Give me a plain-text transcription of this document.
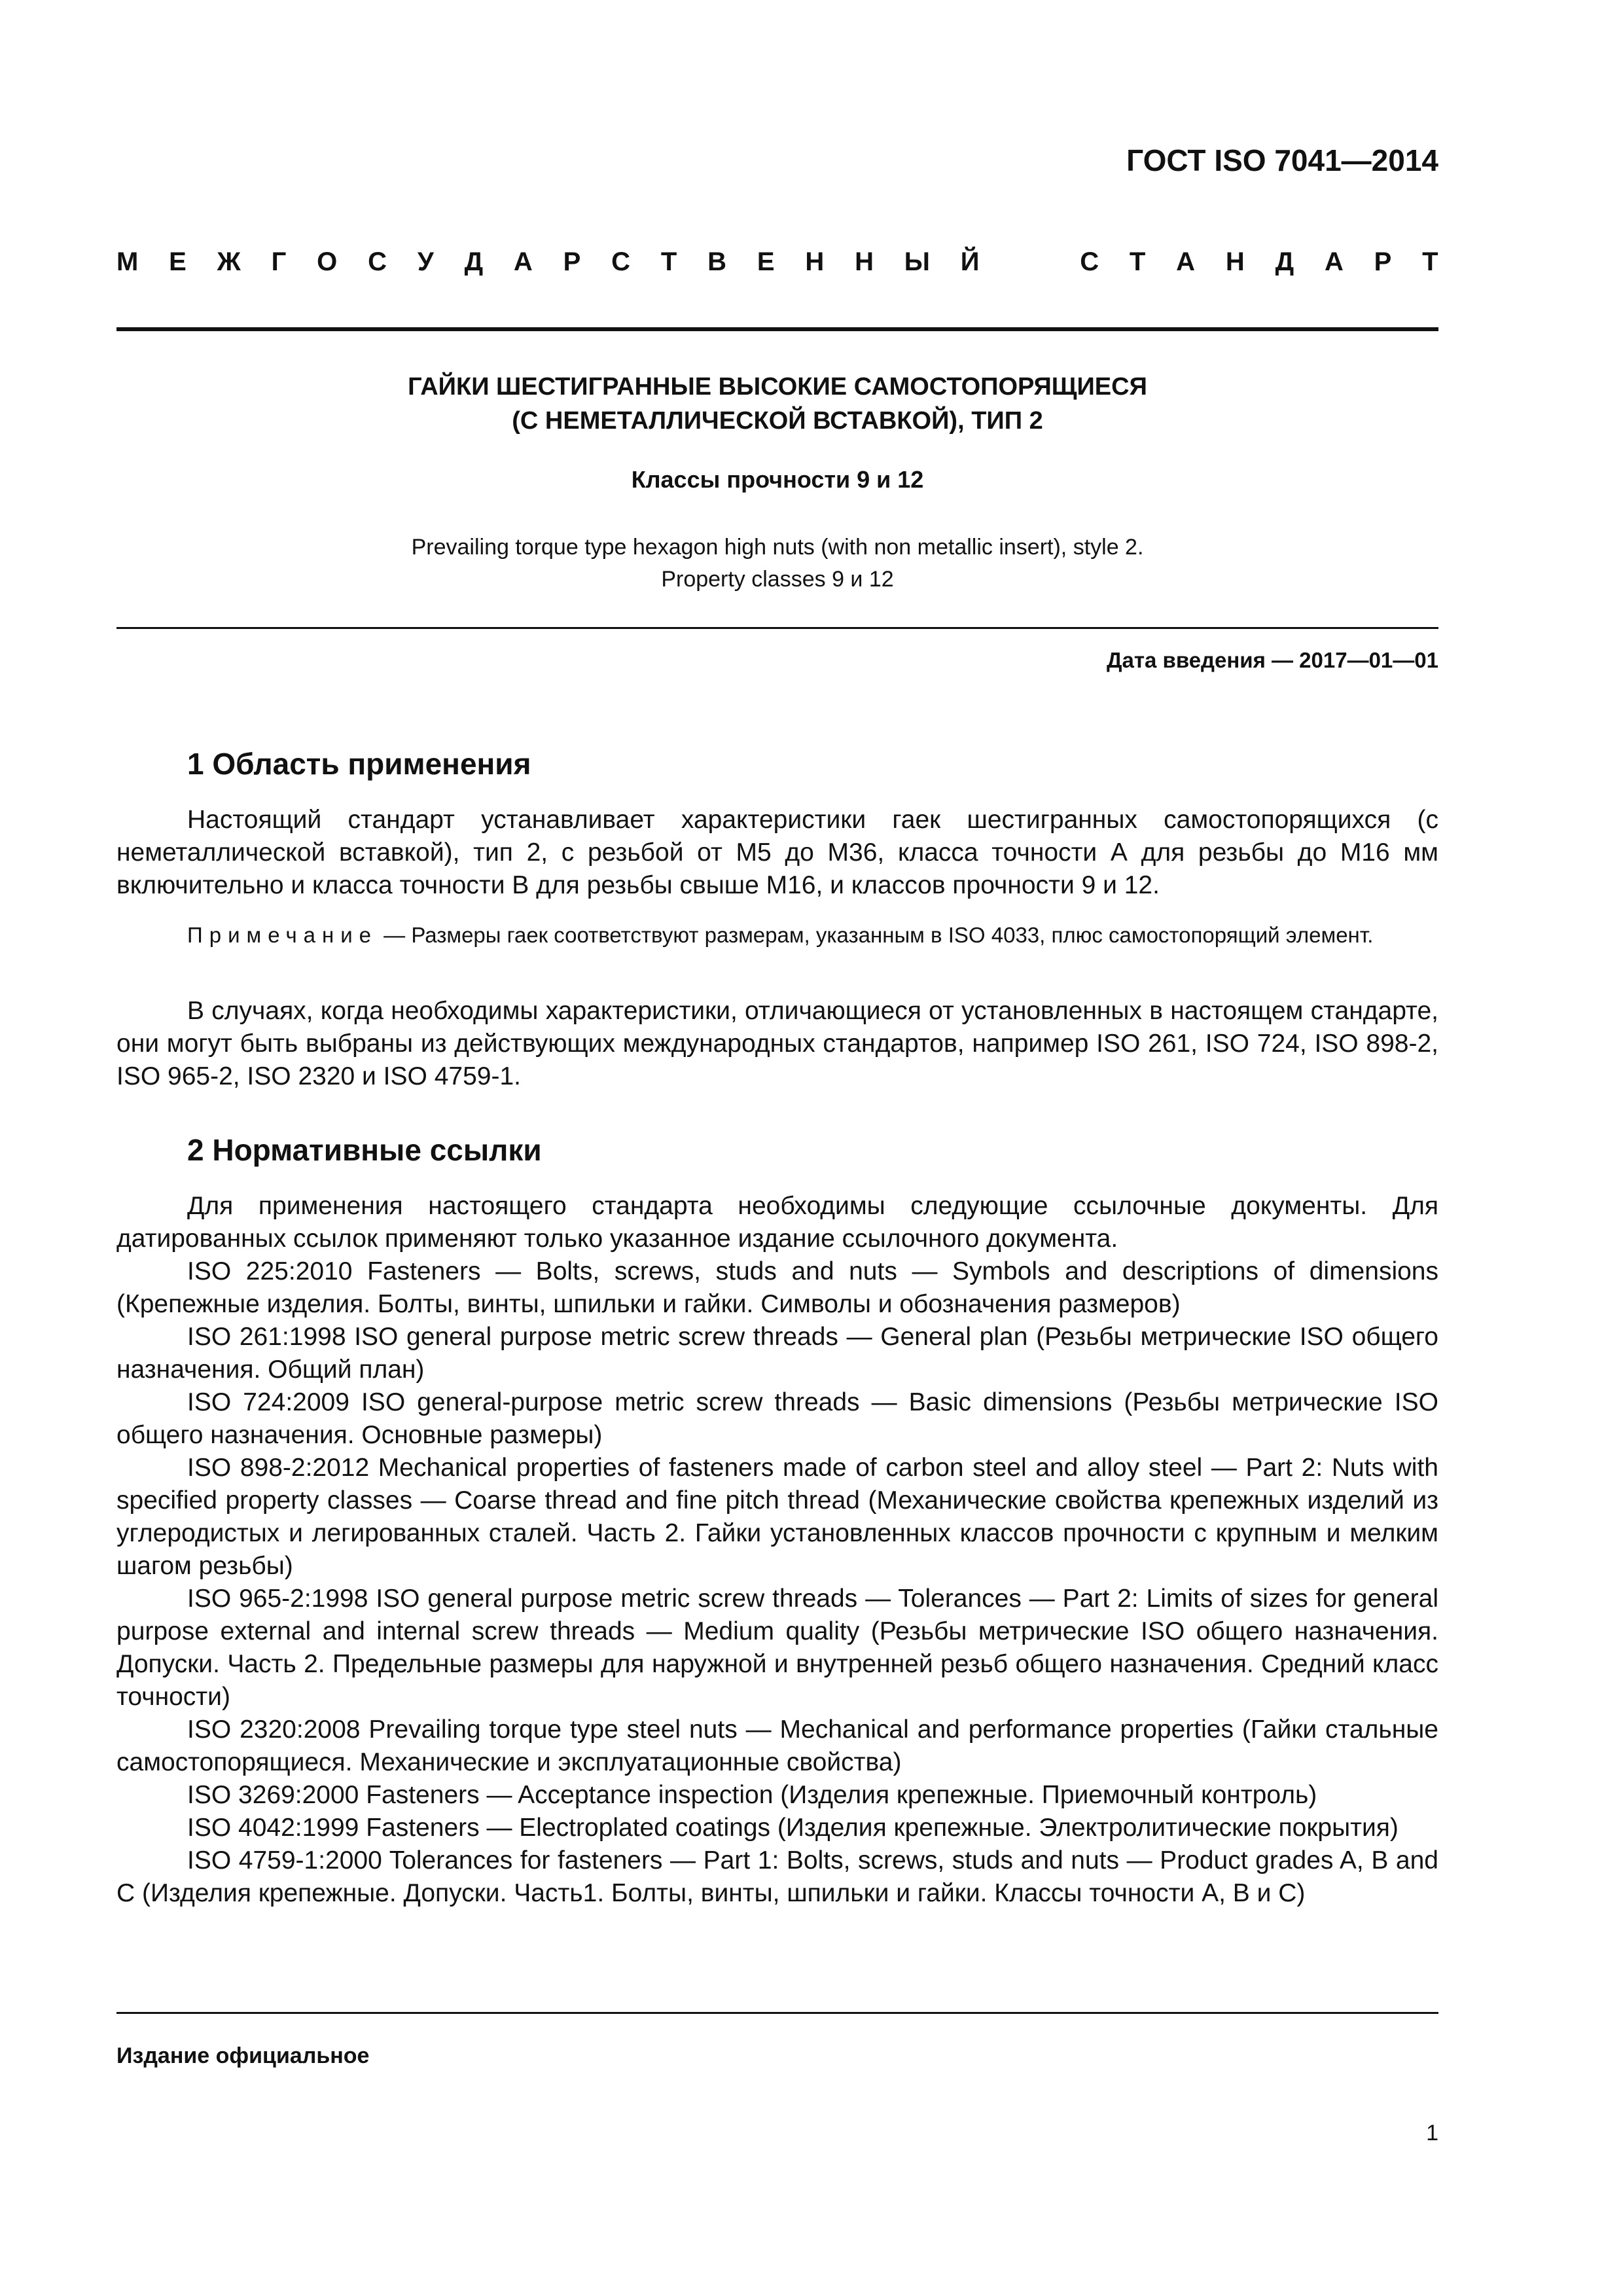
ГОСТ ISO 7041—2014
М Е Ж Г О С У Д А Р С Т В Е Н Н Ы Й	С Т А Н Д А Р Т
ГАЙКИ ШЕСТИГРАННЫЕ ВЫСОКИЕ САМОСТОПОРЯЩИЕСЯ
(С НЕМЕТАЛЛИЧЕСКОЙ ВСТАВКОЙ), ТИП 2
Классы прочности 9 и 12
Prevailing torque type hexagon high nuts (with non metallic insert), style 2.
Property classes 9 и 12
Дата введения — 2017—01—01
1 Область применения
Настоящий стандарт устанавливает характеристики гаек шестигранных самостопорящихся (с неметаллической вставкой), тип 2, с резьбой от М5 до М36, класса точности А для резьбы до М16 мм включительно и класса точности В для резьбы свыше М16, и классов прочности 9 и 12.
Примечание — Размеры гаек соответствуют размерам, указанным в ISO 4033, плюс самостопорящий элемент.
В случаях, когда необходимы характеристики, отличающиеся от установленных в настоящем стандарте, они могут быть выбраны из действующих международных стандартов, например ISO 261, ISO 724, ISO 898-2, ISO 965-2, ISO 2320 и ISO 4759-1.
2 Нормативные ссылки
Для применения настоящего стандарта необходимы следующие ссылочные документы. Для датированных ссылок применяют только указанное издание ссылочного документа.
ISO 225:2010 Fasteners — Bolts, screws, studs and nuts — Symbols and descriptions of dimensions (Крепежные изделия. Болты, винты, шпильки и гайки. Символы и обозначения размеров)
ISO 261:1998 ISO general purpose metric screw threads — General plan (Резьбы метрические ISO общего назначения. Общий план)
ISO 724:2009 ISO general-purpose metric screw threads — Basic dimensions (Резьбы метрические ISO общего назначения. Основные размеры)
ISO 898-2:2012 Mechanical properties of fasteners made of carbon steel and alloy steel — Part 2: Nuts with specified property classes — Coarse thread and fine pitch thread (Механические свойства крепежных изделий из углеродистых и легированных сталей. Часть 2. Гайки установленных классов прочности с крупным и мелким шагом резьбы)
ISO 965-2:1998 ISO general purpose metric screw threads — Tolerances — Part 2: Limits of sizes for general purpose external and internal screw threads — Medium quality (Резьбы метрические ISO общего назначения. Допуски. Часть 2. Предельные размеры для наружной и внутренней резьб общего назначения. Средний класс точности)
ISO 2320:2008 Prevailing torque type steel nuts — Mechanical and performance properties (Гайки стальные самостопорящиеся. Механические и эксплуатационные свойства)
ISO 3269:2000 Fasteners — Acceptance inspection (Изделия крепежные. Приемочный контроль)
ISO 4042:1999 Fasteners — Electroplated coatings (Изделия крепежные. Электролитические покрытия)
ISO 4759-1:2000 Tolerances for fasteners — Part 1: Bolts, screws, studs and nuts — Product grades A, B and C (Изделия крепежные. Допуски. Часть1. Болты, винты, шпильки и гайки. Классы точности А, В и С)
Издание официальное
1
